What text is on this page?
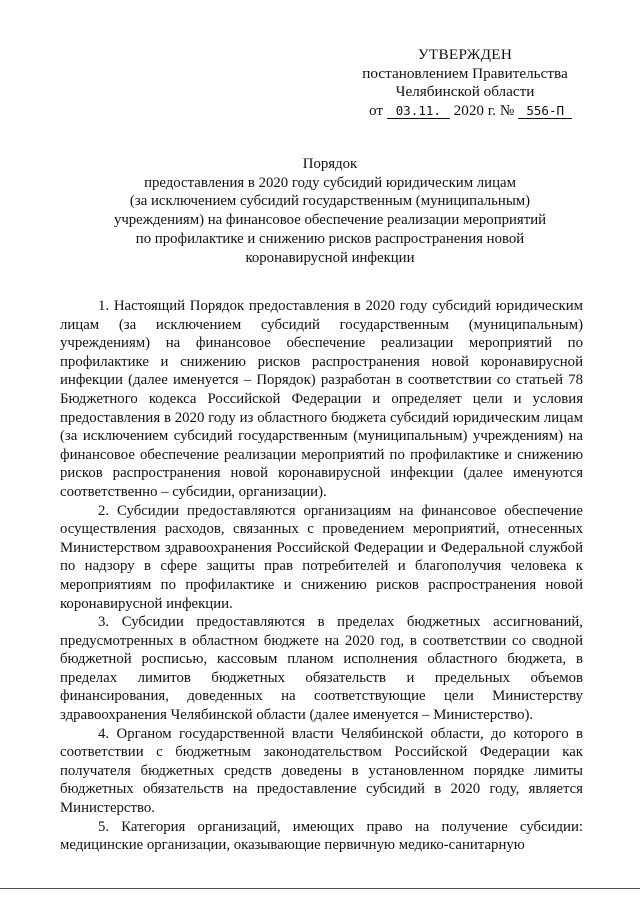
УТВЕРЖДЕН
постановлением Правительства
Челябинской области
от 03.11. 2020 г. № 556-П
Порядок
предоставления в 2020 году субсидий юридическим лицам
(за исключением субсидий государственным (муниципальным)
учреждениям) на финансовое обеспечение реализации мероприятий
по профилактике и снижению рисков распространения новой
коронавирусной инфекции

1. Настоящий Порядок предоставления в 2020 году субсидий юридическим лицам (за исключением субсидий государственным (муниципальным) учреждениям) на финансовое обеспечение реализации мероприятий по профилактике и снижению рисков распространения новой коронавирусной инфекции (далее именуется – Порядок) разработан в соответствии со статьей 78 Бюджетного кодекса Российской Федерации и определяет цели и условия предоставления в 2020 году из областного бюджета субсидий юридическим лицам (за исключением субсидий государственным (муниципальным) учреждениям) на финансовое обеспечение реализации мероприятий по профилактике и снижению рисков распространения новой коронавирусной инфекции (далее именуются соответственно – субсидии, организации).

2. Субсидии предоставляются организациям на финансовое обеспечение осуществления расходов, связанных с проведением мероприятий, отнесенных Министерством здравоохранения Российской Федерации и Федеральной службой по надзору в сфере защиты прав потребителей и благополучия человека к мероприятиям по профилактике и снижению рисков распространения новой коронавирусной инфекции.

3. Субсидии предоставляются в пределах бюджетных ассигнований, предусмотренных в областном бюджете на 2020 год, в соответствии со сводной бюджетной росписью, кассовым планом исполнения областного бюджета, в пределах лимитов бюджетных обязательств и предельных объемов финансирования, доведенных на соответствующие цели Министерству здравоохранения Челябинской области (далее именуется – Министерство).

4. Органом государственной власти Челябинской области, до которого в соответствии с бюджетным законодательством Российской Федерации как получателя бюджетных средств доведены в установленном порядке лимиты бюджетных обязательств на предоставление субсидий в 2020 году, является Министерство.

5. Категория организаций, имеющих право на получение субсидии: медицинские организации, оказывающие первичную медико-санитарную
